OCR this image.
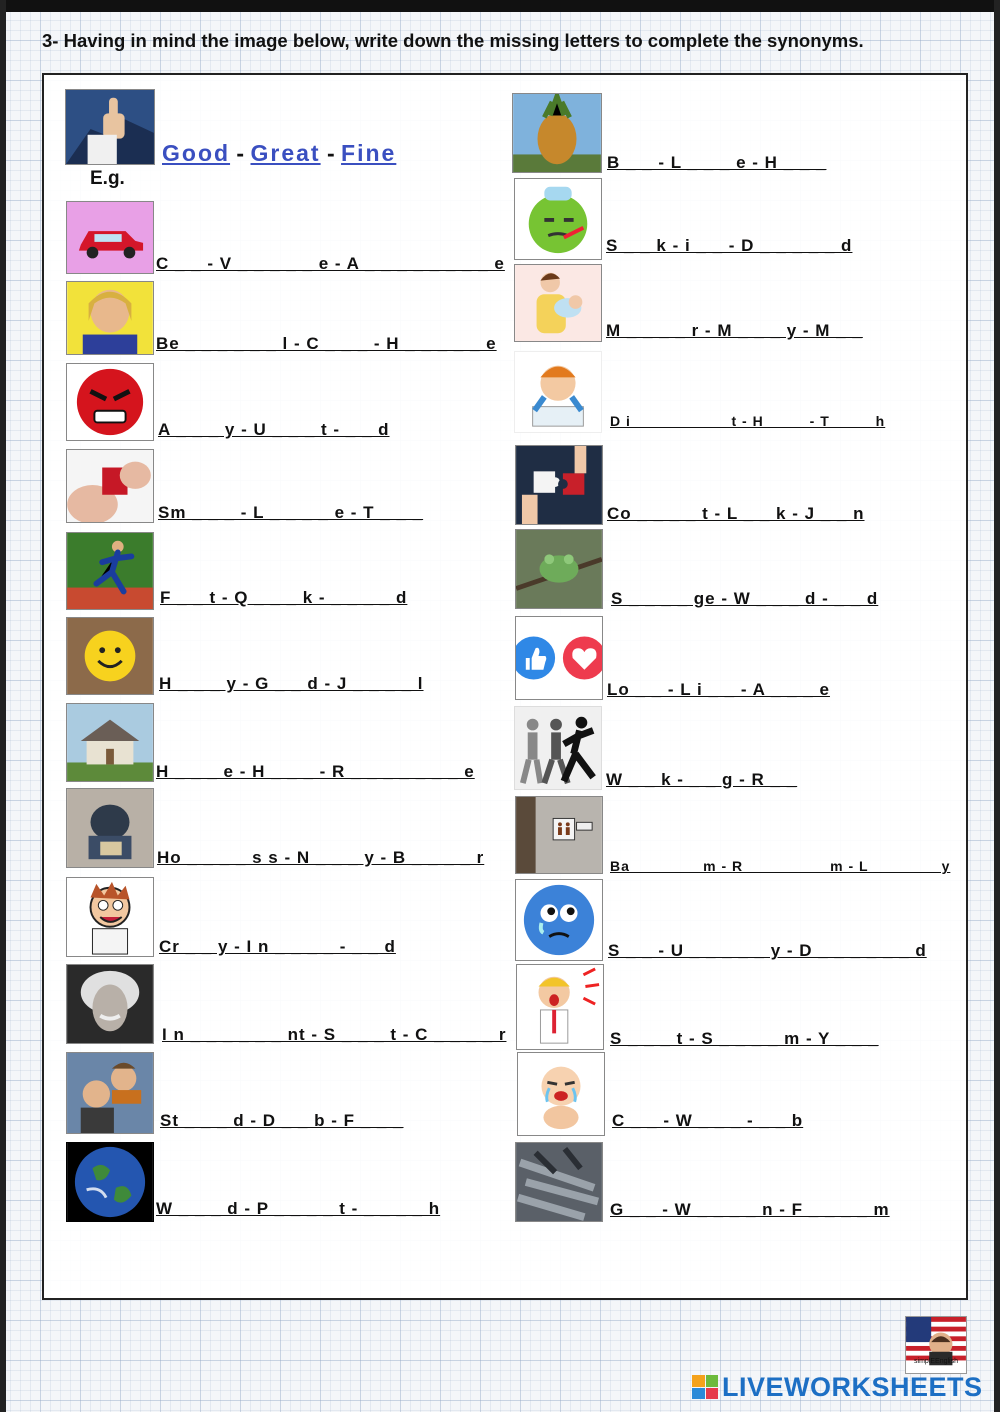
3- Having in mind the image below, write down the missing letters to complete the synonyms.
Good - Great - Fine
E.g.
C _ _ - V _ _ _ _ _ e - A _ _ _ _ _ _ _ _ e
Be _ _ _ _ _ _ l - C _ _ _ - H _ _ _ _ _ e
A _ _ _ y - U _ _ _ t - _ _ d
Sm _ _ _ - L _ _ _ _ e - T _ _ _
F _ _ t - Q _ _ _ k - _ _ _ _ d
H _ _ _ y - G _ _ d - J _ _ _ _ l
H _ _ _ e - H _ _ _ - R _ _ _ _ _ _ _ e
Ho _ _ _ _ s s - N _ _ _ y - B _ _ _ _ r
Cr _ _ y - I n _ _ _ _ - _ _ d
I n _ _ _ _ _ _ nt - S _ _ _ t - C _ _ _ _ r
St _ _ _ d - D _ _ b - F _ _ _
W _ _ _ d - P _ _ _ _ t - _ _ _ _ h
B _ _ - L _ _ _ e - H _ _ _
S _ _ k - i _ _ - D _ _ _ _ _ d
M _ _ _ _ r - M _ _ _ y - M _ _
D i _ _ _ _ _ _ _ t - H _ _ _ - T _ _ _ h
Co _ _ _ _ t - L _ _ k - J _ _ n
S _ _ _ _ ge - W _ _ _ d - _ _ d
Lo _ _ - L i _ _ - A _ _ _ e
W _ _ k - _ _ g - R _ _
Ba _ _ _ _ _ m - R _ _ _ _ _ _ m - L _ _ _ _ _ y
S _ _ - U _ _ _ _ _ y - D _ _ _ _ _ _ d
S _ _ _ t - S _ _ _ _ m - Y _ _ _
C _ _ - W _ _ _ - _ _ b
G _ _ - W _ _ _ _ n - F _ _ _ _ m
simplEEnglish
LIVEWORKSHEETS
